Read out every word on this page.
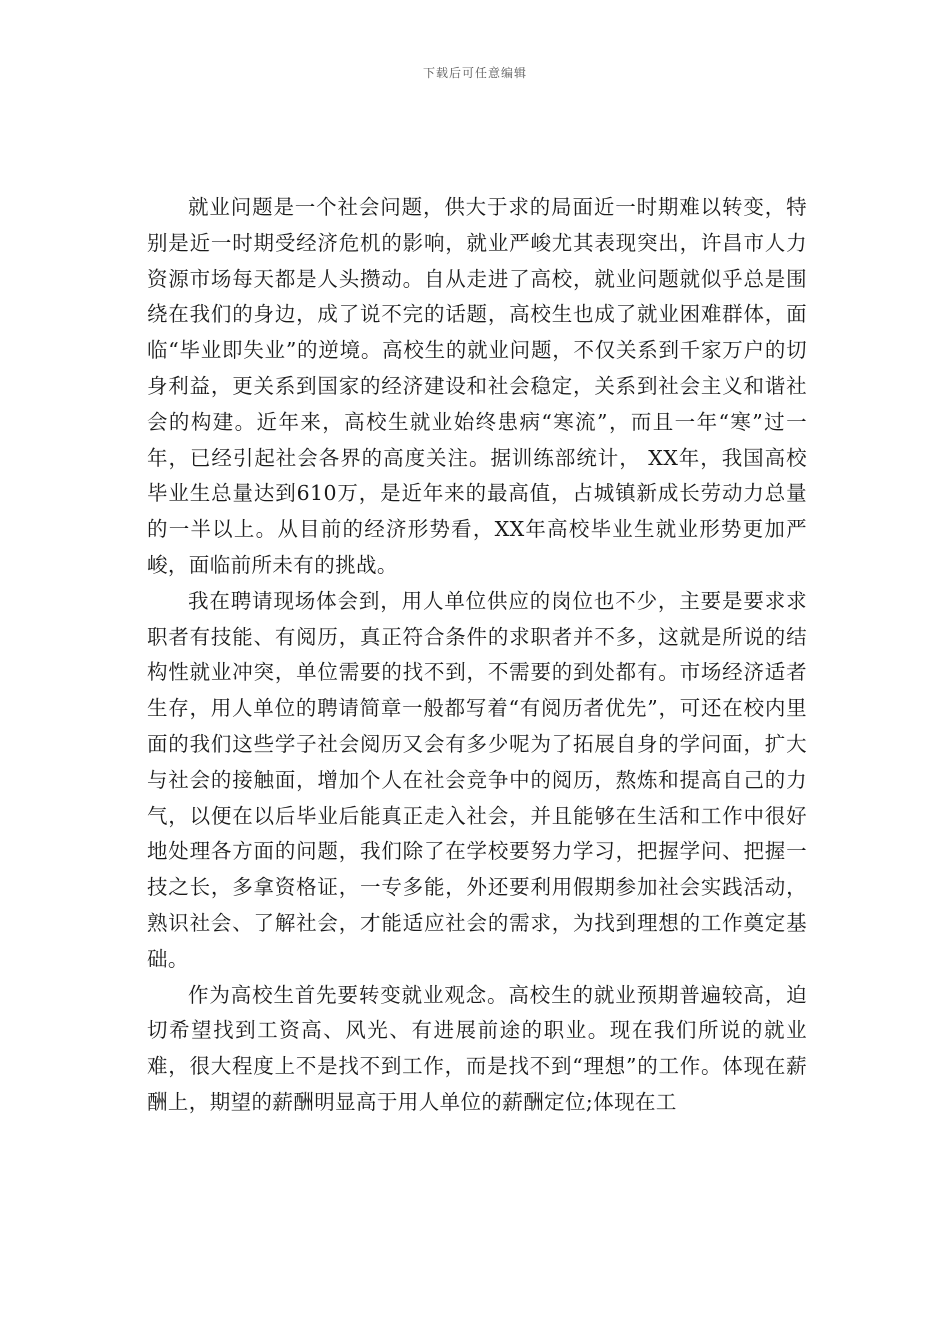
下载后可任意编辑

就业问题是一个社会问题，供大于求的局面近一时期难以转变，特别是近一时期受经济危机的影响，就业严峻尤其表现突出，许昌市人力资源市场每天都是人头攒动。自从走进了高校，就业问题就似乎总是围绕在我们的身边，成了说不完的话题，高校生也成了就业困难群体，面临“毕业即失业”的逆境。高校生的就业问题，不仅关系到千家万户的切身利益，更关系到国家的经济建设和社会稳定，关系到社会主义和谐社会的构建。近年来，高校生就业始终患病“寒流”，而且一年“寒”过一年，已经引起社会各界的高度关注。据训练部统计， XX年，我国高校毕业生总量达到610万，是近年来的最高值，占城镇新成长劳动力总量的一半以上。从目前的经济形势看，XX年高校毕业生就业形势更加严峻，面临前所未有的挑战。

我在聘请现场体会到，用人单位供应的岗位也不少，主要是要求求职者有技能、有阅历，真正符合条件的求职者并不多，这就是所说的结构性就业冲突，单位需要的找不到，不需要的到处都有。市场经济适者生存，用人单位的聘请简章一般都写着“有阅历者优先”，可还在校内里面的我们这些学子社会阅历又会有多少呢为了拓展自身的学问面，扩大与社会的接触面，增加个人在社会竞争中的阅历，熬炼和提高自己的力气，以便在以后毕业后能真正走入社会，并且能够在生活和工作中很好地处理各方面的问题，我们除了在学校要努力学习，把握学问、把握一技之长，多拿资格证，一专多能，外还要利用假期参加社会实践活动，熟识社会、了解社会，才能适应社会的需求，为找到理想的工作奠定基础。

作为高校生首先要转变就业观念。高校生的就业预期普遍较高，迫切希望找到工资高、风光、有进展前途的职业。现在我们所说的就业难，很大程度上不是找不到工作，而是找不到“理想”的工作。体现在薪酬上，期望的薪酬明显高于用人单位的薪酬定位;体现在工
